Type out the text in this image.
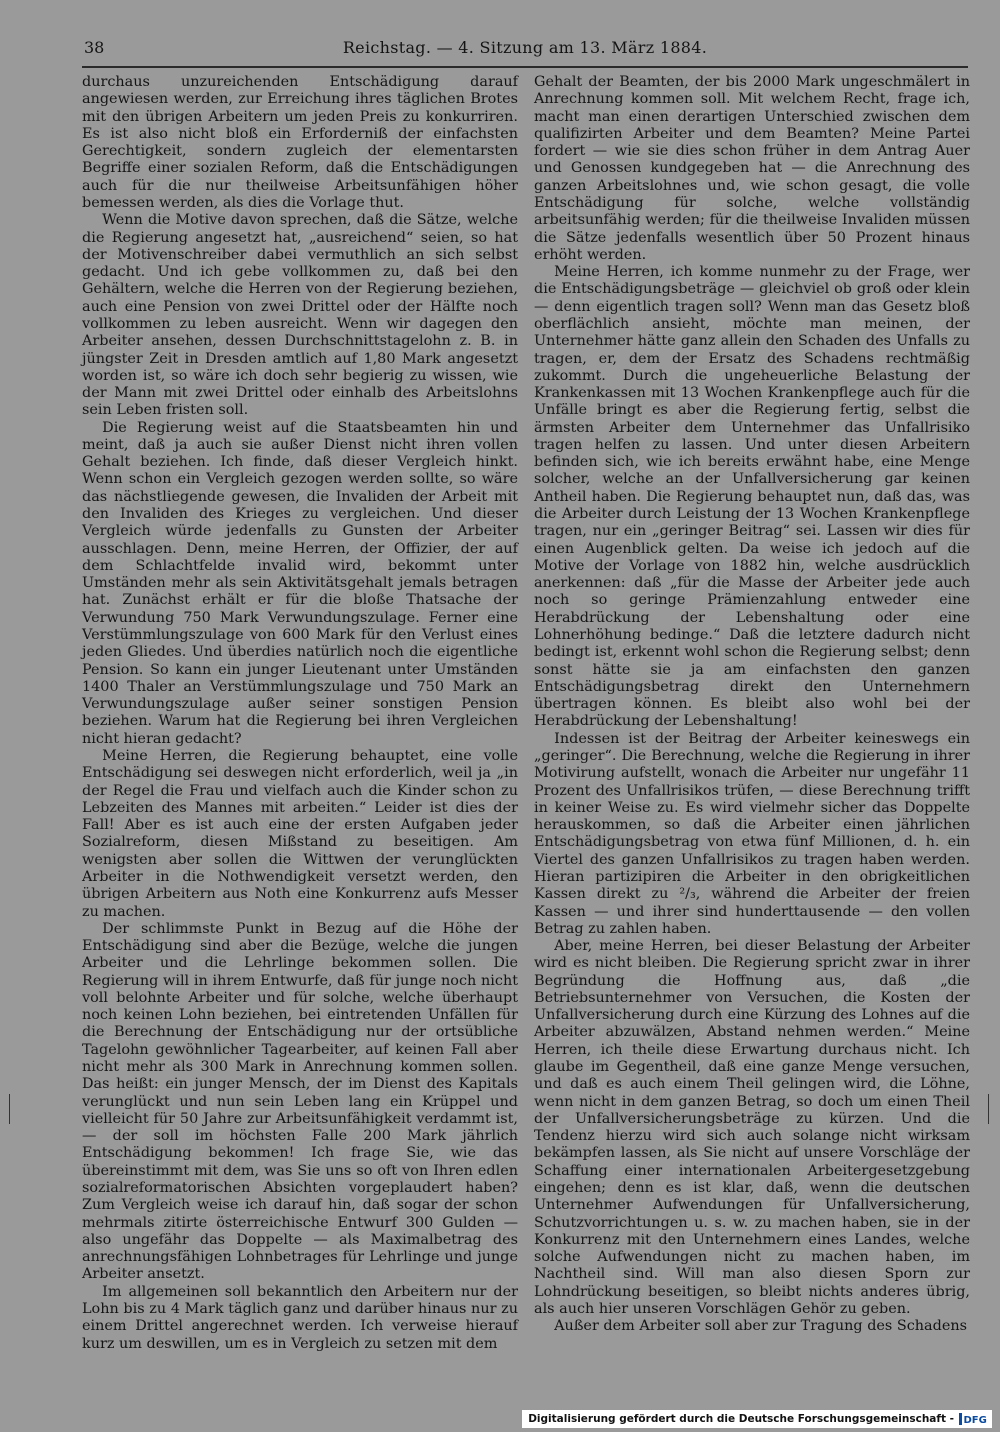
38	Reichstag. — 4. Sitzung am 13. März 1884.

durchaus unzureichenden Entschädigung darauf angewiesen werden, zur Erreichung ihres täglichen Brotes mit den übrigen Arbeitern um jeden Preis zu konkurriren. Es ist also nicht bloß ein Erforderniß der einfachsten Gerechtigkeit, sondern zugleich der elementarsten Begriffe einer sozialen Reform, daß die Entschädigungen auch für die nur theilweise Arbeitsunfähigen höher bemessen werden, als dies die Vorlage thut.

Wenn die Motive davon sprechen, daß die Sätze, welche die Regierung angesetzt hat, „ausreichend“ seien, so hat der Motivenschreiber dabei vermuthlich an sich selbst gedacht. Und ich gebe vollkommen zu, daß bei den Gehältern, welche die Herren von der Regierung beziehen, auch eine Pension von zwei Drittel oder der Hälfte noch vollkommen zu leben ausreicht. Wenn wir dagegen den Arbeiter ansehen, dessen Durchschnittstagelohn z. B. in jüngster Zeit in Dresden amtlich auf 1,80 Mark angesetzt worden ist, so wäre ich doch sehr begierig zu wissen, wie der Mann mit zwei Drittel oder einhalb des Arbeitslohns sein Leben fristen soll.

Die Regierung weist auf die Staatsbeamten hin und meint, daß ja auch sie außer Dienst nicht ihren vollen Gehalt beziehen. Ich finde, daß dieser Vergleich hinkt. Wenn schon ein Vergleich gezogen werden sollte, so wäre das nächstliegende gewesen, die Invaliden der Arbeit mit den Invaliden des Krieges zu vergleichen. Und dieser Vergleich würde jedenfalls zu Gunsten der Arbeiter ausschlagen. Denn, meine Herren, der Offizier, der auf dem Schlachtfelde invalid wird, bekommt unter Umständen mehr als sein Aktivitätsgehalt jemals betragen hat. Zunächst erhält er für die bloße Thatsache der Verwundung 750 Mark Verwundungszulage. Ferner eine Verstümmlungszulage von 600 Mark für den Verlust eines jeden Gliedes. Und überdies natürlich noch die eigentliche Pension. So kann ein junger Lieutenant unter Umständen 1400 Thaler an Verstümmlungszulage und 750 Mark an Verwundungszulage außer seiner sonstigen Pension beziehen. Warum hat die Regierung bei ihren Vergleichen nicht hieran gedacht?

Meine Herren, die Regierung behauptet, eine volle Entschädigung sei deswegen nicht erforderlich, weil ja „in der Regel die Frau und vielfach auch die Kinder schon zu Lebzeiten des Mannes mit arbeiten.“ Leider ist dies der Fall! Aber es ist auch eine der ersten Aufgaben jeder Sozialreform, diesen Mißstand zu beseitigen. Am wenigsten aber sollen die Wittwen der verunglückten Arbeiter in die Nothwendigkeit versetzt werden, den übrigen Arbeitern aus Noth eine Konkurrenz aufs Messer zu machen.

Der schlimmste Punkt in Bezug auf die Höhe der Entschädigung sind aber die Bezüge, welche die jungen Arbeiter und die Lehrlinge bekommen sollen. Die Regierung will in ihrem Entwurfe, daß für junge noch nicht voll belohnte Arbeiter und für solche, welche überhaupt noch keinen Lohn beziehen, bei eintretenden Unfällen für die Berechnung der Entschädigung nur der ortsübliche Tagelohn gewöhnlicher Tagearbeiter, auf keinen Fall aber nicht mehr als 300 Mark in Anrechnung kommen sollen. Das heißt: ein junger Mensch, der im Dienst des Kapitals verunglückt und nun sein Leben lang ein Krüppel und vielleicht für 50 Jahre zur Arbeitsunfähigkeit verdammt ist, — der soll im höchsten Falle 200 Mark jährlich Entschädigung bekommen! Ich frage Sie, wie das übereinstimmt mit dem, was Sie uns so oft von Ihren edlen sozialreformatorischen Absichten vorgeplaudert haben? Zum Vergleich weise ich darauf hin, daß sogar der schon mehrmals zitirte österreichische Entwurf 300 Gulden — also ungefähr das Doppelte — als Maximalbetrag des anrechnungsfähigen Lohnbetrages für Lehrlinge und junge Arbeiter ansetzt.

Im allgemeinen soll bekanntlich den Arbeitern nur der Lohn bis zu 4 Mark täglich ganz und darüber hinaus nur zu einem Drittel angerechnet werden. Ich verweise hierauf kurz um deswillen, um es in Vergleich zu setzen mit dem

Gehalt der Beamten, der bis 2000 Mark ungeschmälert in Anrechnung kommen soll. Mit welchem Recht, frage ich, macht man einen derartigen Unterschied zwischen dem qualifizirten Arbeiter und dem Beamten? Meine Partei fordert — wie sie dies schon früher in dem Antrag Auer und Genossen kundgegeben hat — die Anrechnung des ganzen Arbeitslohnes und, wie schon gesagt, die volle Entschädigung für solche, welche vollständig arbeitsunfähig werden; für die theilweise Invaliden müssen die Sätze jedenfalls wesentlich über 50 Prozent hinaus erhöht werden.

Meine Herren, ich komme nunmehr zu der Frage, wer die Entschädigungsbeträge — gleichviel ob groß oder klein — denn eigentlich tragen soll? Wenn man das Gesetz bloß oberflächlich ansieht, möchte man meinen, der Unternehmer hätte ganz allein den Schaden des Unfalls zu tragen, er, dem der Ersatz des Schadens rechtmäßig zukommt. Durch die ungeheuerliche Belastung der Krankenkassen mit 13 Wochen Krankenpflege auch für die Unfälle bringt es aber die Regierung fertig, selbst die ärmsten Arbeiter dem Unternehmer das Unfallrisiko tragen helfen zu lassen. Und unter diesen Arbeitern befinden sich, wie ich bereits erwähnt habe, eine Menge solcher, welche an der Unfallversicherung gar keinen Antheil haben. Die Regierung behauptet nun, daß das, was die Arbeiter durch Leistung der 13 Wochen Krankenpflege tragen, nur ein „geringer Beitrag“ sei. Lassen wir dies für einen Augenblick gelten. Da weise ich jedoch auf die Motive der Vorlage von 1882 hin, welche ausdrücklich anerkennen: daß „für die Masse der Arbeiter jede auch noch so geringe Prämienzahlung entweder eine Herabdrückung der Lebenshaltung oder eine Lohnerhöhung bedinge.“ Daß die letztere dadurch nicht bedingt ist, erkennt wohl schon die Regierung selbst; denn sonst hätte sie ja am einfachsten den ganzen Entschädigungsbetrag direkt den Unternehmern übertragen können. Es bleibt also wohl bei der Herabdrückung der Lebenshaltung!

Indessen ist der Beitrag der Arbeiter keineswegs ein „geringer“. Die Berechnung, welche die Regierung in ihrer Motivirung aufstellt, wonach die Arbeiter nur ungefähr 11 Prozent des Unfallrisikos trüfen, — diese Berechnung trifft in keiner Weise zu. Es wird vielmehr sicher das Doppelte herauskommen, so daß die Arbeiter einen jährlichen Entschädigungsbetrag von etwa fünf Millionen, d. h. ein Viertel des ganzen Unfallrisikos zu tragen haben werden. Hieran partizipiren die Arbeiter in den obrigkeitlichen Kassen direkt zu ²/₃, während die Arbeiter der freien Kassen — und ihrer sind hunderttausende — den vollen Betrag zu zahlen haben.

Aber, meine Herren, bei dieser Belastung der Arbeiter wird es nicht bleiben. Die Regierung spricht zwar in ihrer Begründung die Hoffnung aus, daß „die Betriebsunternehmer von Versuchen, die Kosten der Unfallversicherung durch eine Kürzung des Lohnes auf die Arbeiter abzuwälzen, Abstand nehmen werden.“ Meine Herren, ich theile diese Erwartung durchaus nicht. Ich glaube im Gegentheil, daß eine ganze Menge versuchen, und daß es auch einem Theil gelingen wird, die Löhne, wenn nicht in dem ganzen Betrag, so doch um einen Theil der Unfallversicherungsbeträge zu kürzen. Und die Tendenz hierzu wird sich auch solange nicht wirksam bekämpfen lassen, als Sie nicht auf unsere Vorschläge der Schaffung einer internationalen Arbeitergesetzgebung eingehen; denn es ist klar, daß, wenn die deutschen Unternehmer Aufwendungen für Unfallversicherung, Schutzvorrichtungen u. s. w. zu machen haben, sie in der Konkurrenz mit den Unternehmern eines Landes, welche solche Aufwendungen nicht zu machen haben, im Nachtheil sind. Will man also diesen Sporn zur Lohndrückung beseitigen, so bleibt nichts anderes übrig, als auch hier unseren Vorschlägen Gehör zu geben.

Außer dem Arbeiter soll aber zur Tragung des Schadens

Digitalisierung gefördert durch die Deutsche Forschungsgemeinschaft - DFG
